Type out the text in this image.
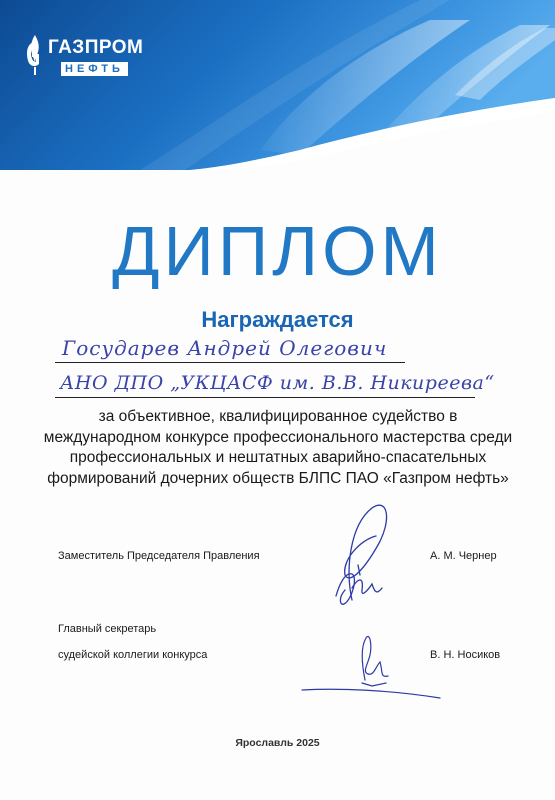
ГАЗПРОМ
НЕФТЬ
ДИПЛОМ
Награждается
Государев Андрей Олегович
АНО ДПО „УКЦАСФ им. В.В. Никиреева“
за объективное, квалифицированное судейство в
международном конкурсе профессионального мастерства среди
профессиональных и нештатных аварийно-спасательных
формирований дочерних обществ БЛПС ПАО «Газпром нефть»
Заместитель Председателя Правления	А. М. Чернер
Главный секретарь
судейской коллегии конкурса	В. Н. Носиков
Ярославль 2025
